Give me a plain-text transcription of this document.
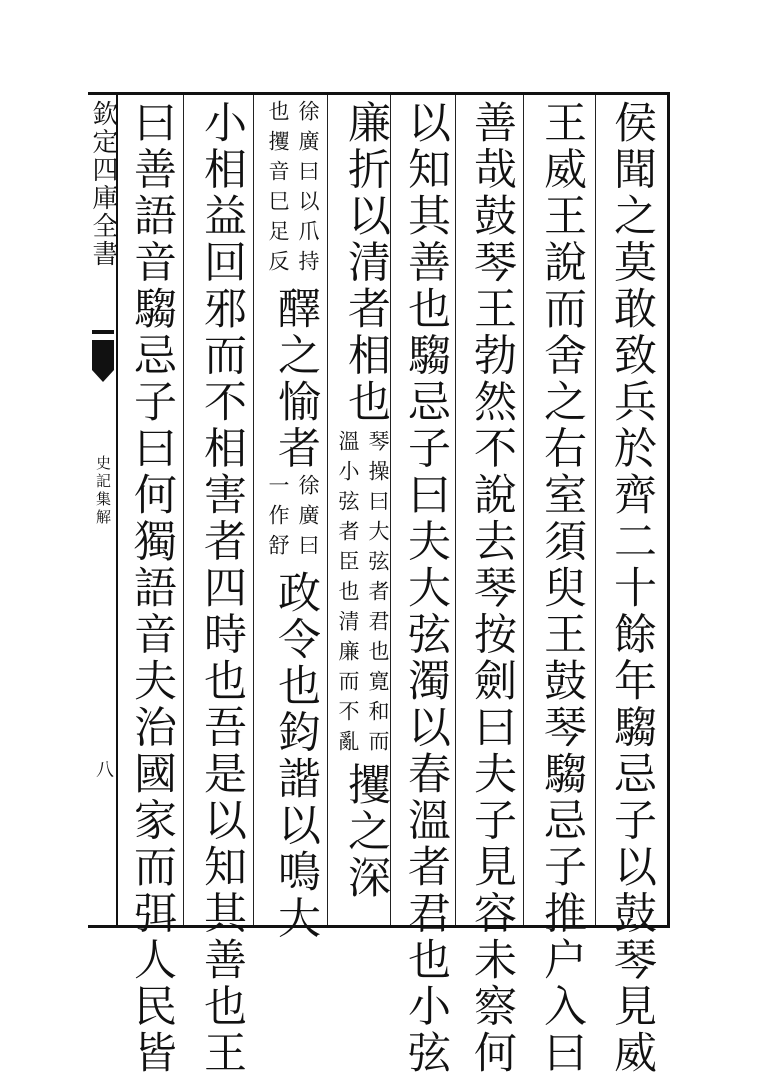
欽定四庫全書
史記集解
八	侯聞之莫敢致兵於齊二十餘年騶忌子以鼓琴見威
王威王說而舍之右室須臾王鼓琴騶忌子推户入曰
善哉鼓琴王勃然不說去琴按劍曰夫子見容未察何
以知其善也騶忌子曰夫大弦濁以春溫者君也小弦
廉折以清者相也
琴操曰大弦者君也寛和而
溫小弦者臣也清廉而不亂
攫之深
徐廣曰以爪持
也攫音巳足反
醳之愉者
徐廣曰
一作舒
政令也鈞諧以鳴大
小相益回邪而不相害者四時也吾是以知其善也王
曰善語音騶忌子曰何獨語音夫治國家而弭人民皆
